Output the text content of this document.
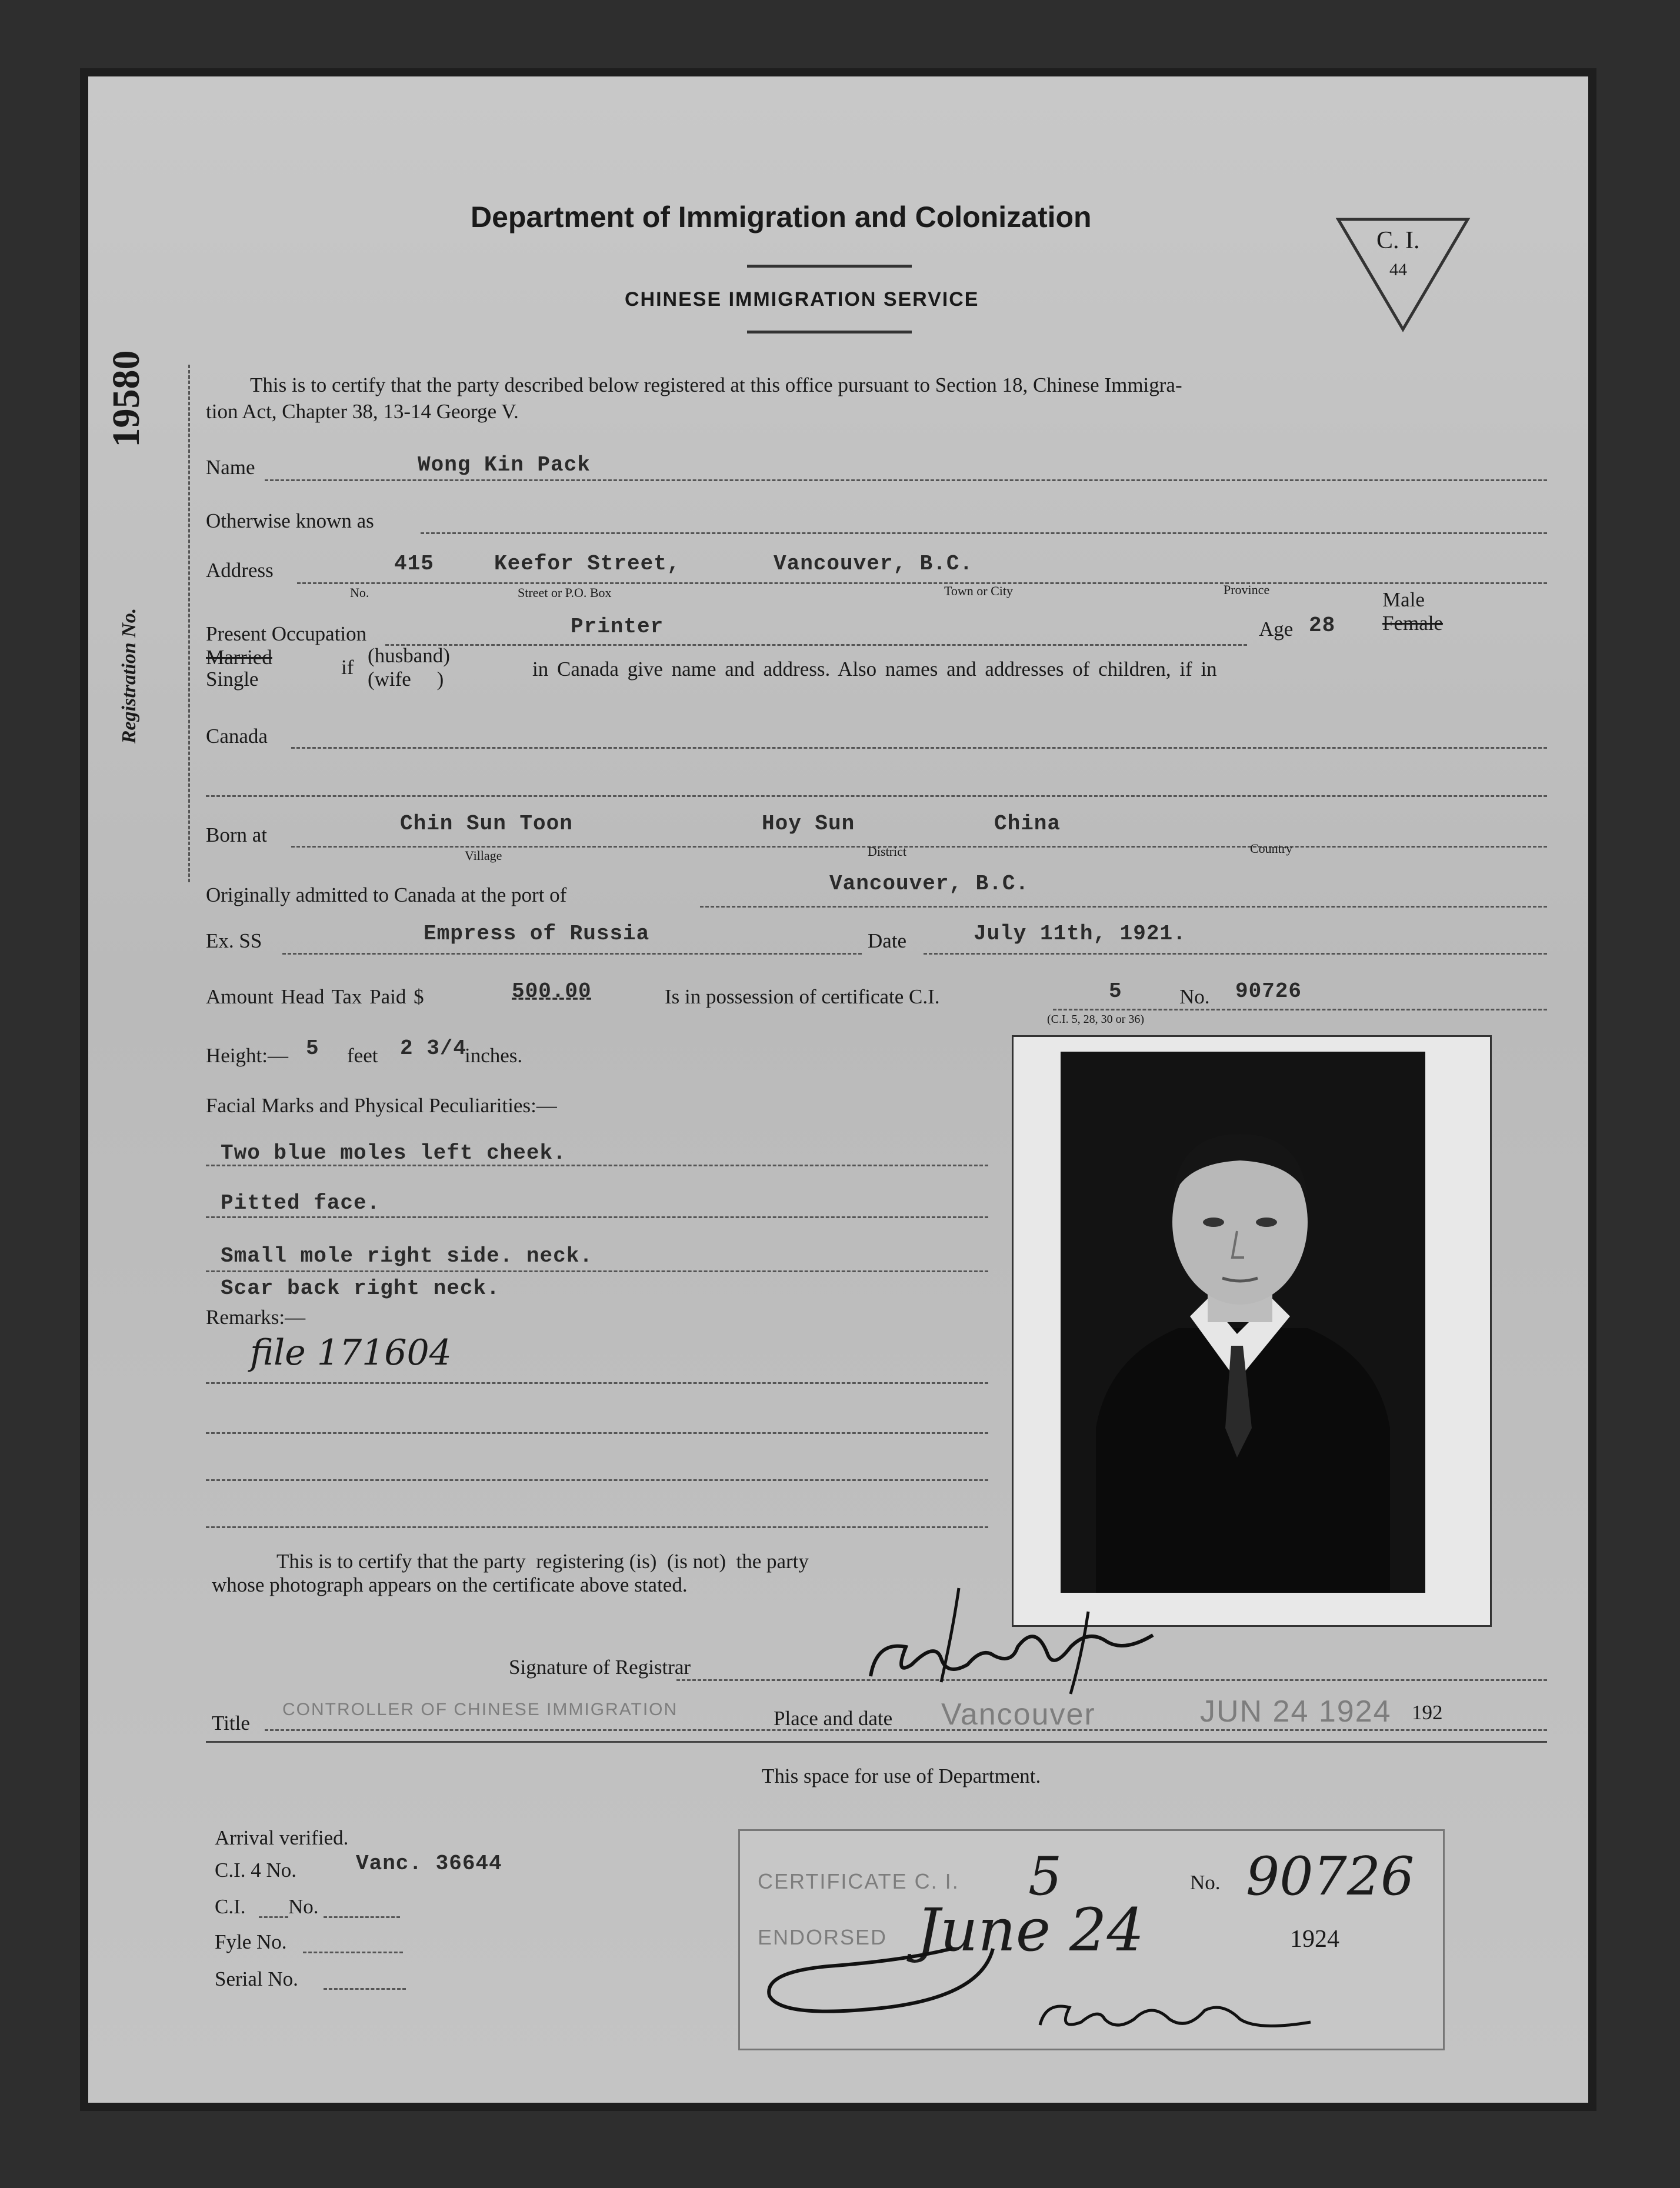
Department of Immigration and Colonization
CHINESE IMMIGRATION SERVICE
C. I.
44
19580
Registration No.
This is to certify that the party described below registered at this office pursuant to Section 18, Chinese Immigra-
tion Act, Chapter 38, 13-14 George V.
Name	Wong Kin Pack
Otherwise known as
Address	415	Keefor Street,	Vancouver, B.C.
No.	Street or P.O. Box	Town or City	Province
Present Occupation	Printer	Age 28
Male
Female
Married
Single
if
(husband)
(wife     )	in Canada give name and address. Also names and addresses of children, if in
Canada
Born at	Chin Sun Toon	Hoy Sun	China
Village	District	Country
Originally admitted to Canada at the port of	Vancouver, B.C.
Ex. SS	Empress of Russia	Date	July 11th, 1921.
Amount Head Tax Paid $	500.00	Is in possession of certificate C.I.	5	No. 90726
(C.I. 5, 28, 30 or 36)
Height:— 5 feet 2 3/4
inches.
Facial Marks and Physical Peculiarities:—
Two blue moles left cheek.
Pitted face.
Small mole right side. neck.
Scar back right neck.
Remarks:—
file 171604
This is to certify that the party  registering (is)  (is not)  the party
whose photograph appears on the certificate above stated.
Signature of Registrar
Title
CONTROLLER OF CHINESE IMMIGRATION	Place and date Vancouver	JUN 24 1924 192
This space for use of Department.
Arrival verified.
C.I. 4 No.	Vanc. 36644
C.I. No.
Fyle No.
Serial No.
CERTIFICATE C. I. 5	No. 90726
ENDORSED June 24	1924
